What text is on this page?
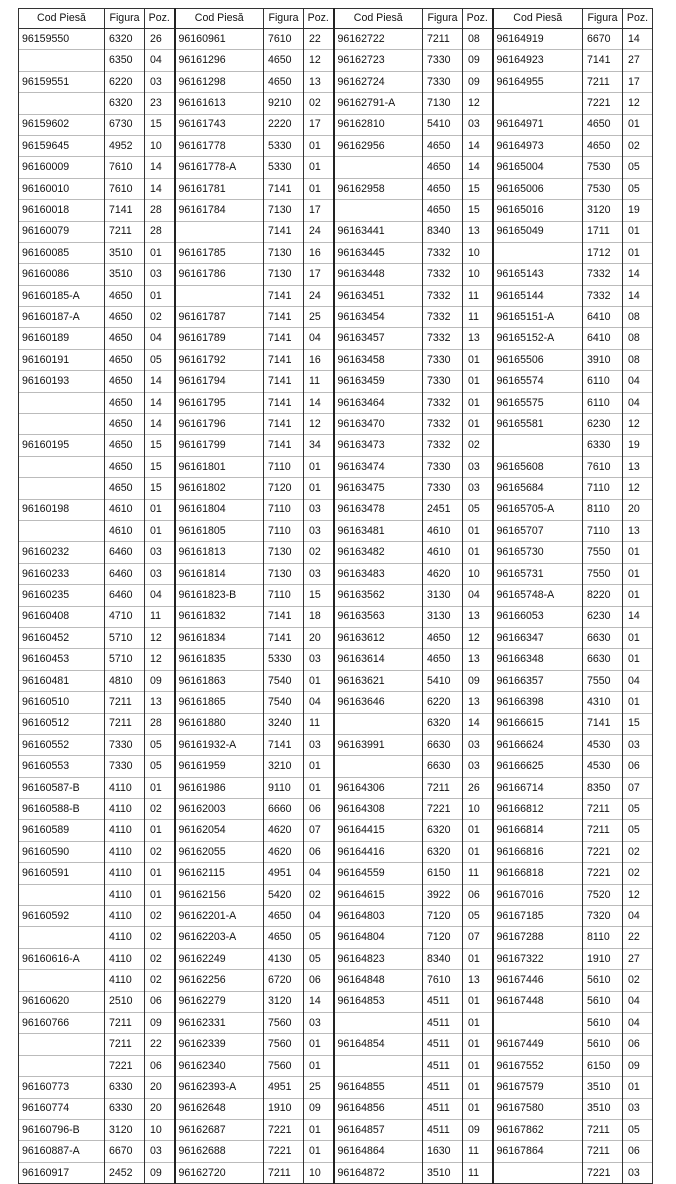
Cod Piesă	Figura	Poz.	Cod Piesă	Figura	Poz.	Cod Piesă	Figura	Poz.	Cod Piesă	Figura	Poz.
96159550	6320	26	96160961	7610	22	96162722	7211	08	96164919	6670	14
	6350	04	96161296	4650	12	96162723	7330	09	96164923	7141	27
96159551	6220	03	96161298	4650	13	96162724	7330	09	96164955	7211	17
	6320	23	96161613	9210	02	96162791-A	7130	12		7221	12
96159602	6730	15	96161743	2220	17	96162810	5410	03	96164971	4650	01
96159645	4952	10	96161778	5330	01	96162956	4650	14	96164973	4650	02
96160009	7610	14	96161778-A	5330	01		4650	14	96165004	7530	05
96160010	7610	14	96161781	7141	01	96162958	4650	15	96165006	7530	05
96160018	7141	28	96161784	7130	17		4650	15	96165016	3120	19
96160079	7211	28		7141	24	96163441	8340	13	96165049	1711	01
96160085	3510	01	96161785	7130	16	96163445	7332	10		1712	01
96160086	3510	03	96161786	7130	17	96163448	7332	10	96165143	7332	14
96160185-A	4650	01		7141	24	96163451	7332	11	96165144	7332	14
96160187-A	4650	02	96161787	7141	25	96163454	7332	11	96165151-A	6410	08
96160189	4650	04	96161789	7141	04	96163457	7332	13	96165152-A	6410	08
96160191	4650	05	96161792	7141	16	96163458	7330	01	96165506	3910	08
96160193	4650	14	96161794	7141	11	96163459	7330	01	96165574	6110	04
	4650	14	96161795	7141	14	96163464	7332	01	96165575	6110	04
	4650	14	96161796	7141	12	96163470	7332	01	96165581	6230	12
96160195	4650	15	96161799	7141	34	96163473	7332	02		6330	19
	4650	15	96161801	7110	01	96163474	7330	03	96165608	7610	13
	4650	15	96161802	7120	01	96163475	7330	03	96165684	7110	12
96160198	4610	01	96161804	7110	03	96163478	2451	05	96165705-A	8110	20
	4610	01	96161805	7110	03	96163481	4610	01	96165707	7110	13
96160232	6460	03	96161813	7130	02	96163482	4610	01	96165730	7550	01
96160233	6460	03	96161814	7130	03	96163483	4620	10	96165731	7550	01
96160235	6460	04	96161823-B	7110	15	96163562	3130	04	96165748-A	8220	01
96160408	4710	11	96161832	7141	18	96163563	3130	13	96166053	6230	14
96160452	5710	12	96161834	7141	20	96163612	4650	12	96166347	6630	01
96160453	5710	12	96161835	5330	03	96163614	4650	13	96166348	6630	01
96160481	4810	09	96161863	7540	01	96163621	5410	09	96166357	7550	04
96160510	7211	13	96161865	7540	04	96163646	6220	13	96166398	4310	01
96160512	7211	28	96161880	3240	11		6320	14	96166615	7141	15
96160552	7330	05	96161932-A	7141	03	96163991	6630	03	96166624	4530	03
96160553	7330	05	96161959	3210	01		6630	03	96166625	4530	06
96160587-B	4110	01	96161986	9110	01	96164306	7211	26	96166714	8350	07
96160588-B	4110	02	96162003	6660	06	96164308	7221	10	96166812	7211	05
96160589	4110	01	96162054	4620	07	96164415	6320	01	96166814	7211	05
96160590	4110	02	96162055	4620	06	96164416	6320	01	96166816	7221	02
96160591	4110	01	96162115	4951	04	96164559	6150	11	96166818	7221	02
	4110	01	96162156	5420	02	96164615	3922	06	96167016	7520	12
96160592	4110	02	96162201-A	4650	04	96164803	7120	05	96167185	7320	04
	4110	02	96162203-A	4650	05	96164804	7120	07	96167288	8110	22
96160616-A	4110	02	96162249	4130	05	96164823	8340	01	96167322	1910	27
	4110	02	96162256	6720	06	96164848	7610	13	96167446	5610	02
96160620	2510	06	96162279	3120	14	96164853	4511	01	96167448	5610	04
96160766	7211	09	96162331	7560	03		4511	01		5610	04
	7211	22	96162339	7560	01	96164854	4511	01	96167449	5610	06
	7221	06	96162340	7560	01		4511	01	96167552	6150	09
96160773	6330	20	96162393-A	4951	25	96164855	4511	01	96167579	3510	01
96160774	6330	20	96162648	1910	09	96164856	4511	01	96167580	3510	03
96160796-B	3120	10	96162687	7221	01	96164857	4511	09	96167862	7211	05
96160887-A	6670	03	96162688	7221	01	96164864	1630	11	96167864	7211	06
96160917	2452	09	96162720	7211	10	96164872	3510	11		7221	03
